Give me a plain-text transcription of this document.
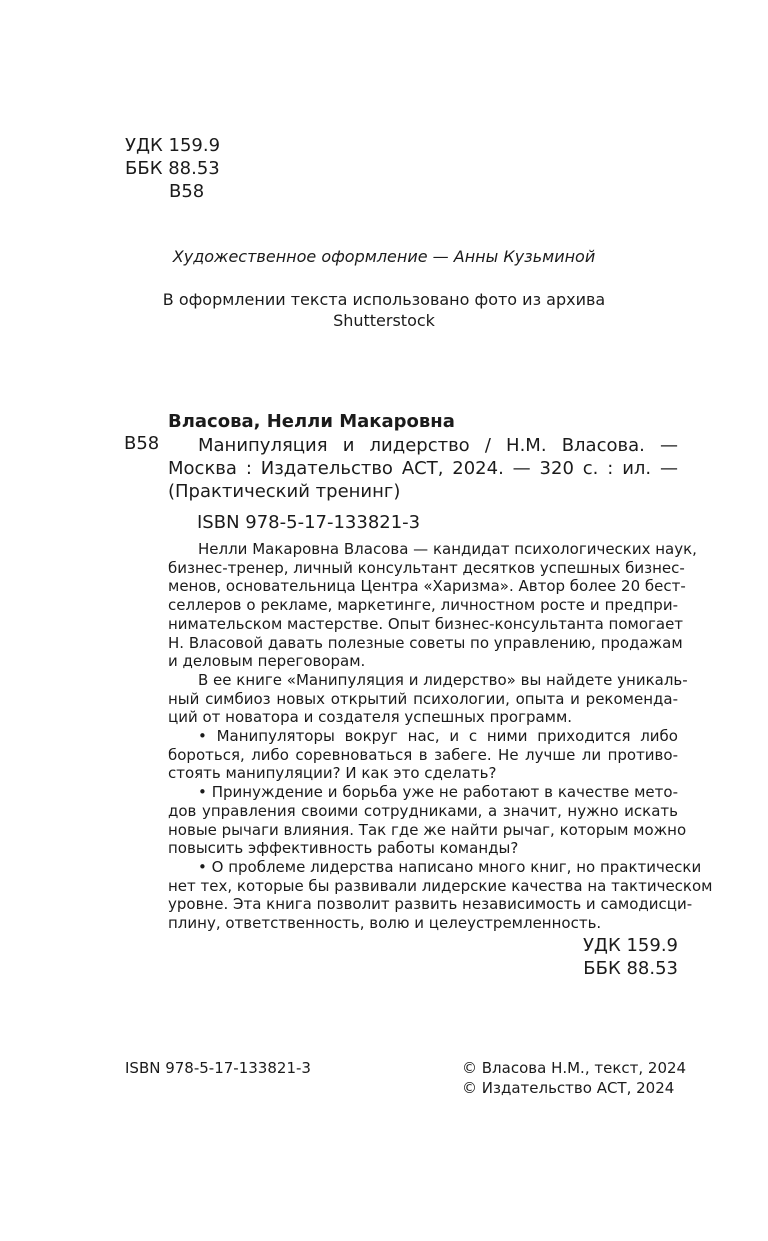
УДК 159.9
ББК 88.53
В58
Художественное оформление — Анны Кузьминой
В оформлении текста использовано фото из архива
Shutterstock
Власова, Нелли Макаровна
В58	Манипуляция и лидерство / Н.М. Власова. —
Москва : Издательство АСТ, 2024. — 320 с. : ил. —
(Практический тренинг)
ISBN 978-5-17-133821-3
Нелли Макаровна Власова — кандидат психологических наук,
бизнес-тренер, личный консультант десятков успешных бизнес-
менов, основательница Центра «Харизма». Автор более 20 бест-
селлеров о рекламе, маркетинге, личностном росте и предпри-
нимательском мастерстве. Опыт бизнес-консультанта помогает
Н. Власовой давать полезные советы по управлению, продажам
и деловым переговорам.
В ее книге «Манипуляция и лидерство» вы найдете уникаль-
ный симбиоз новых открытий психологии, опыта и рекоменда-
ций от новатора и создателя успешных программ.
• Манипуляторы вокруг нас, и с ними приходится либо
бороться, либо соревноваться в забеге. Не лучше ли противо-
стоять манипуляции? И как это сделать?
• Принуждение и борьба уже не работают в качестве мето-
дов управления своими сотрудниками, а значит, нужно искать
новые рычаги влияния. Так где же найти рычаг, которым можно
повысить эффективность работы команды?
• О проблеме лидерства написано много книг, но практически
нет тех, которые бы развивали лидерские качества на тактическом
уровне. Эта книга позволит развить независимость и самодисци-
плину, ответственность, волю и целеустремленность.
УДК 159.9
ББК 88.53
ISBN 978-5-17-133821-3	© Власова Н.М., текст, 2024
© Издательство АСТ, 2024
